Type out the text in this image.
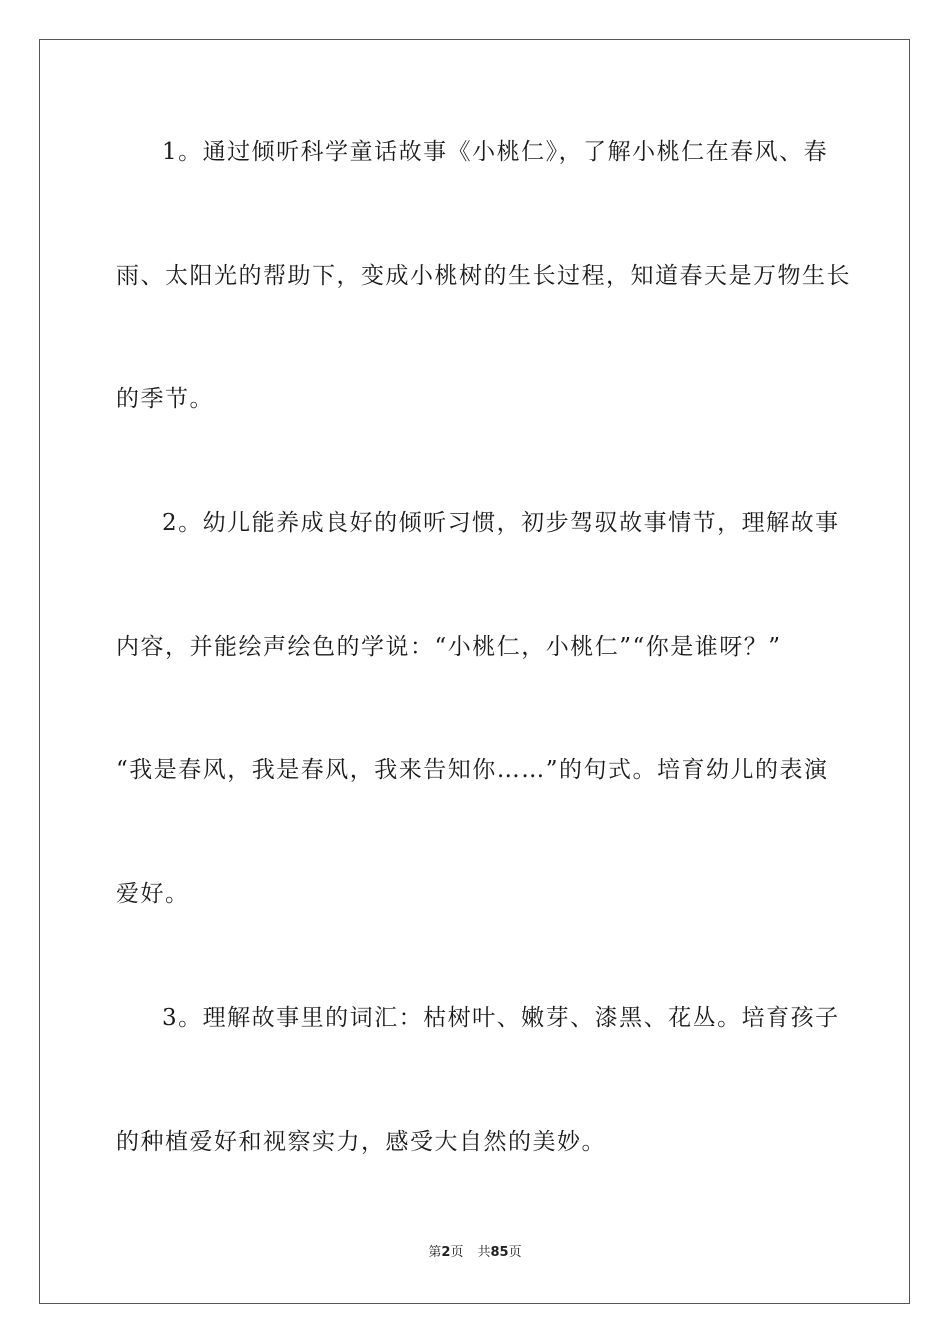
1。通过倾听科学童话故事《小桃仁》，了解小桃仁在春风、春
雨、太阳光的帮助下，变成小桃树的生长过程，知道春天是万物生长
的季节。
2。幼儿能养成良好的倾听习惯，初步驾驭故事情节，理解故事
内容，并能绘声绘色的学说：“小桃仁，小桃仁”“你是谁呀？”
“我是春风，我是春风，我来告知你……”的句式。培育幼儿的表演
爱好。
3。理解故事里的词汇：枯树叶、嫩芽、漆黑、花丛。培育孩子
的种植爱好和视察实力，感受大自然的美妙。
第2页 共85页
